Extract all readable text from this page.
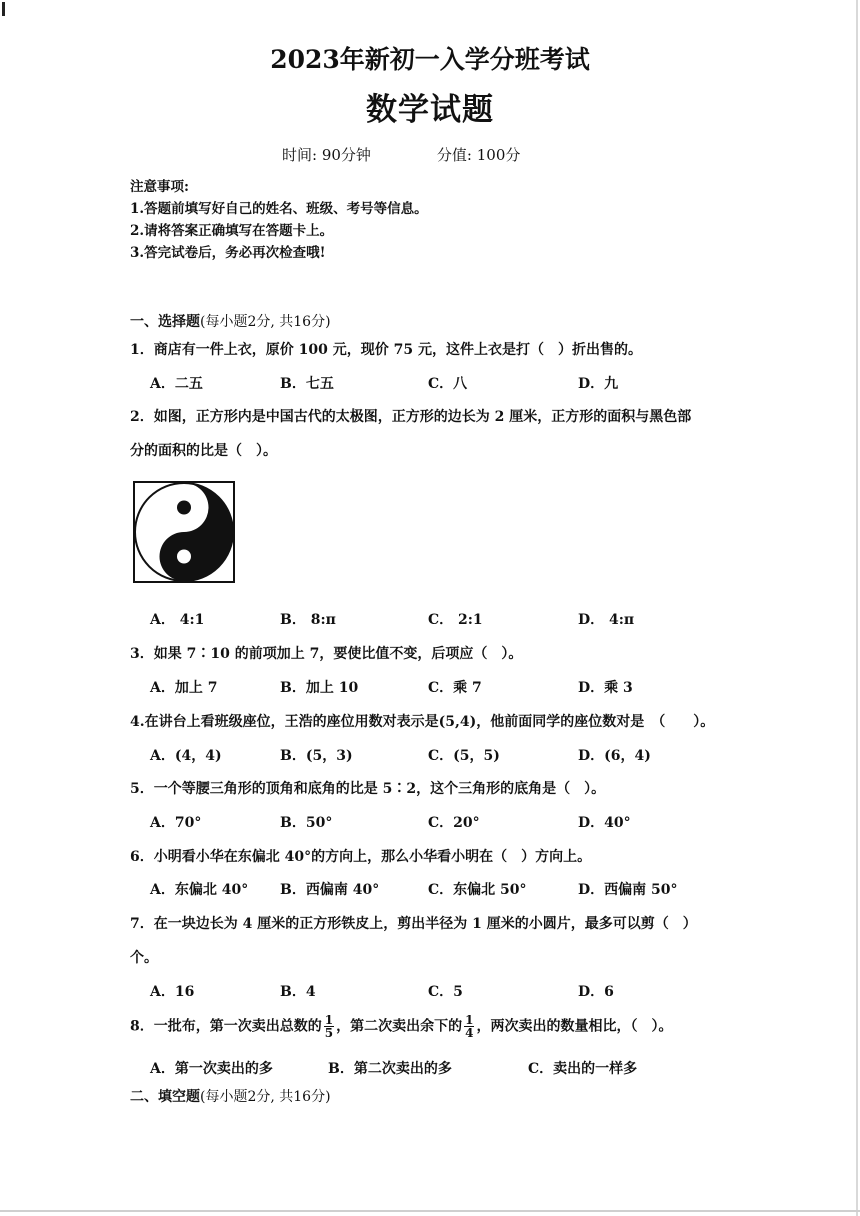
2023年新初一入学分班考试
数学试题
时间: 90分钟	分值: 100分
注意事项:
1.答题前填写好自己的姓名、班级、考号等信息。
2.请将答案正确填写在答题卡上。
3.答完试卷后，务必再次检查哦!
一、选择题(每小题2分, 共16分)
1．商店有一件上衣，原价 100 元，现价 75 元，这件上衣是打（　）折出售的。
A．二五	B．七五	C．八	D．九
2．如图，正方形内是中国古代的太极图，正方形的边长为 2 厘米，正方形的面积与黑色部
分的面积的比是（　）。
A． 4:1	B． 8:π	C． 2:1	D． 4:π
3．如果 7∶10 的前项加上 7，要使比值不变，后项应（　）。
A．加上 7	B．加上 10	C．乘 7	D．乘 3
4.在讲台上看班级座位，王浩的座位用数对表示是(5,4)，他前面同学的座位数对是　（　　）。
A．(4，4)	B．(5，3)	C．(5，5)	D．(6，4)
5．一个等腰三角形的顶角和底角的比是 5∶2，这个三角形的底角是（　）。
A．70°	B．50°	C．20°	D．40°
6．小明看小华在东偏北 40°的方向上，那么小华看小明在（　）方向上。
A．东偏北 40° B．西偏南 40°	C．东偏北 50°	D．西偏南 50°
7．在一块边长为 4 厘米的正方形铁皮上，剪出半径为 1 厘米的小圆片，最多可以剪（　）
个。
A．16	B．4	C．5	D．6
8．一批布，第一次卖出总数的 $\frac{1}{5}$ ，第二次卖出余下的 $\frac{1}{4}$ ，两次卖出的数量相比，（　）。
A．第一次卖出的多	B．第二次卖出的多	C．卖出的一样多
二、填空题(每小题2分, 共16分)
